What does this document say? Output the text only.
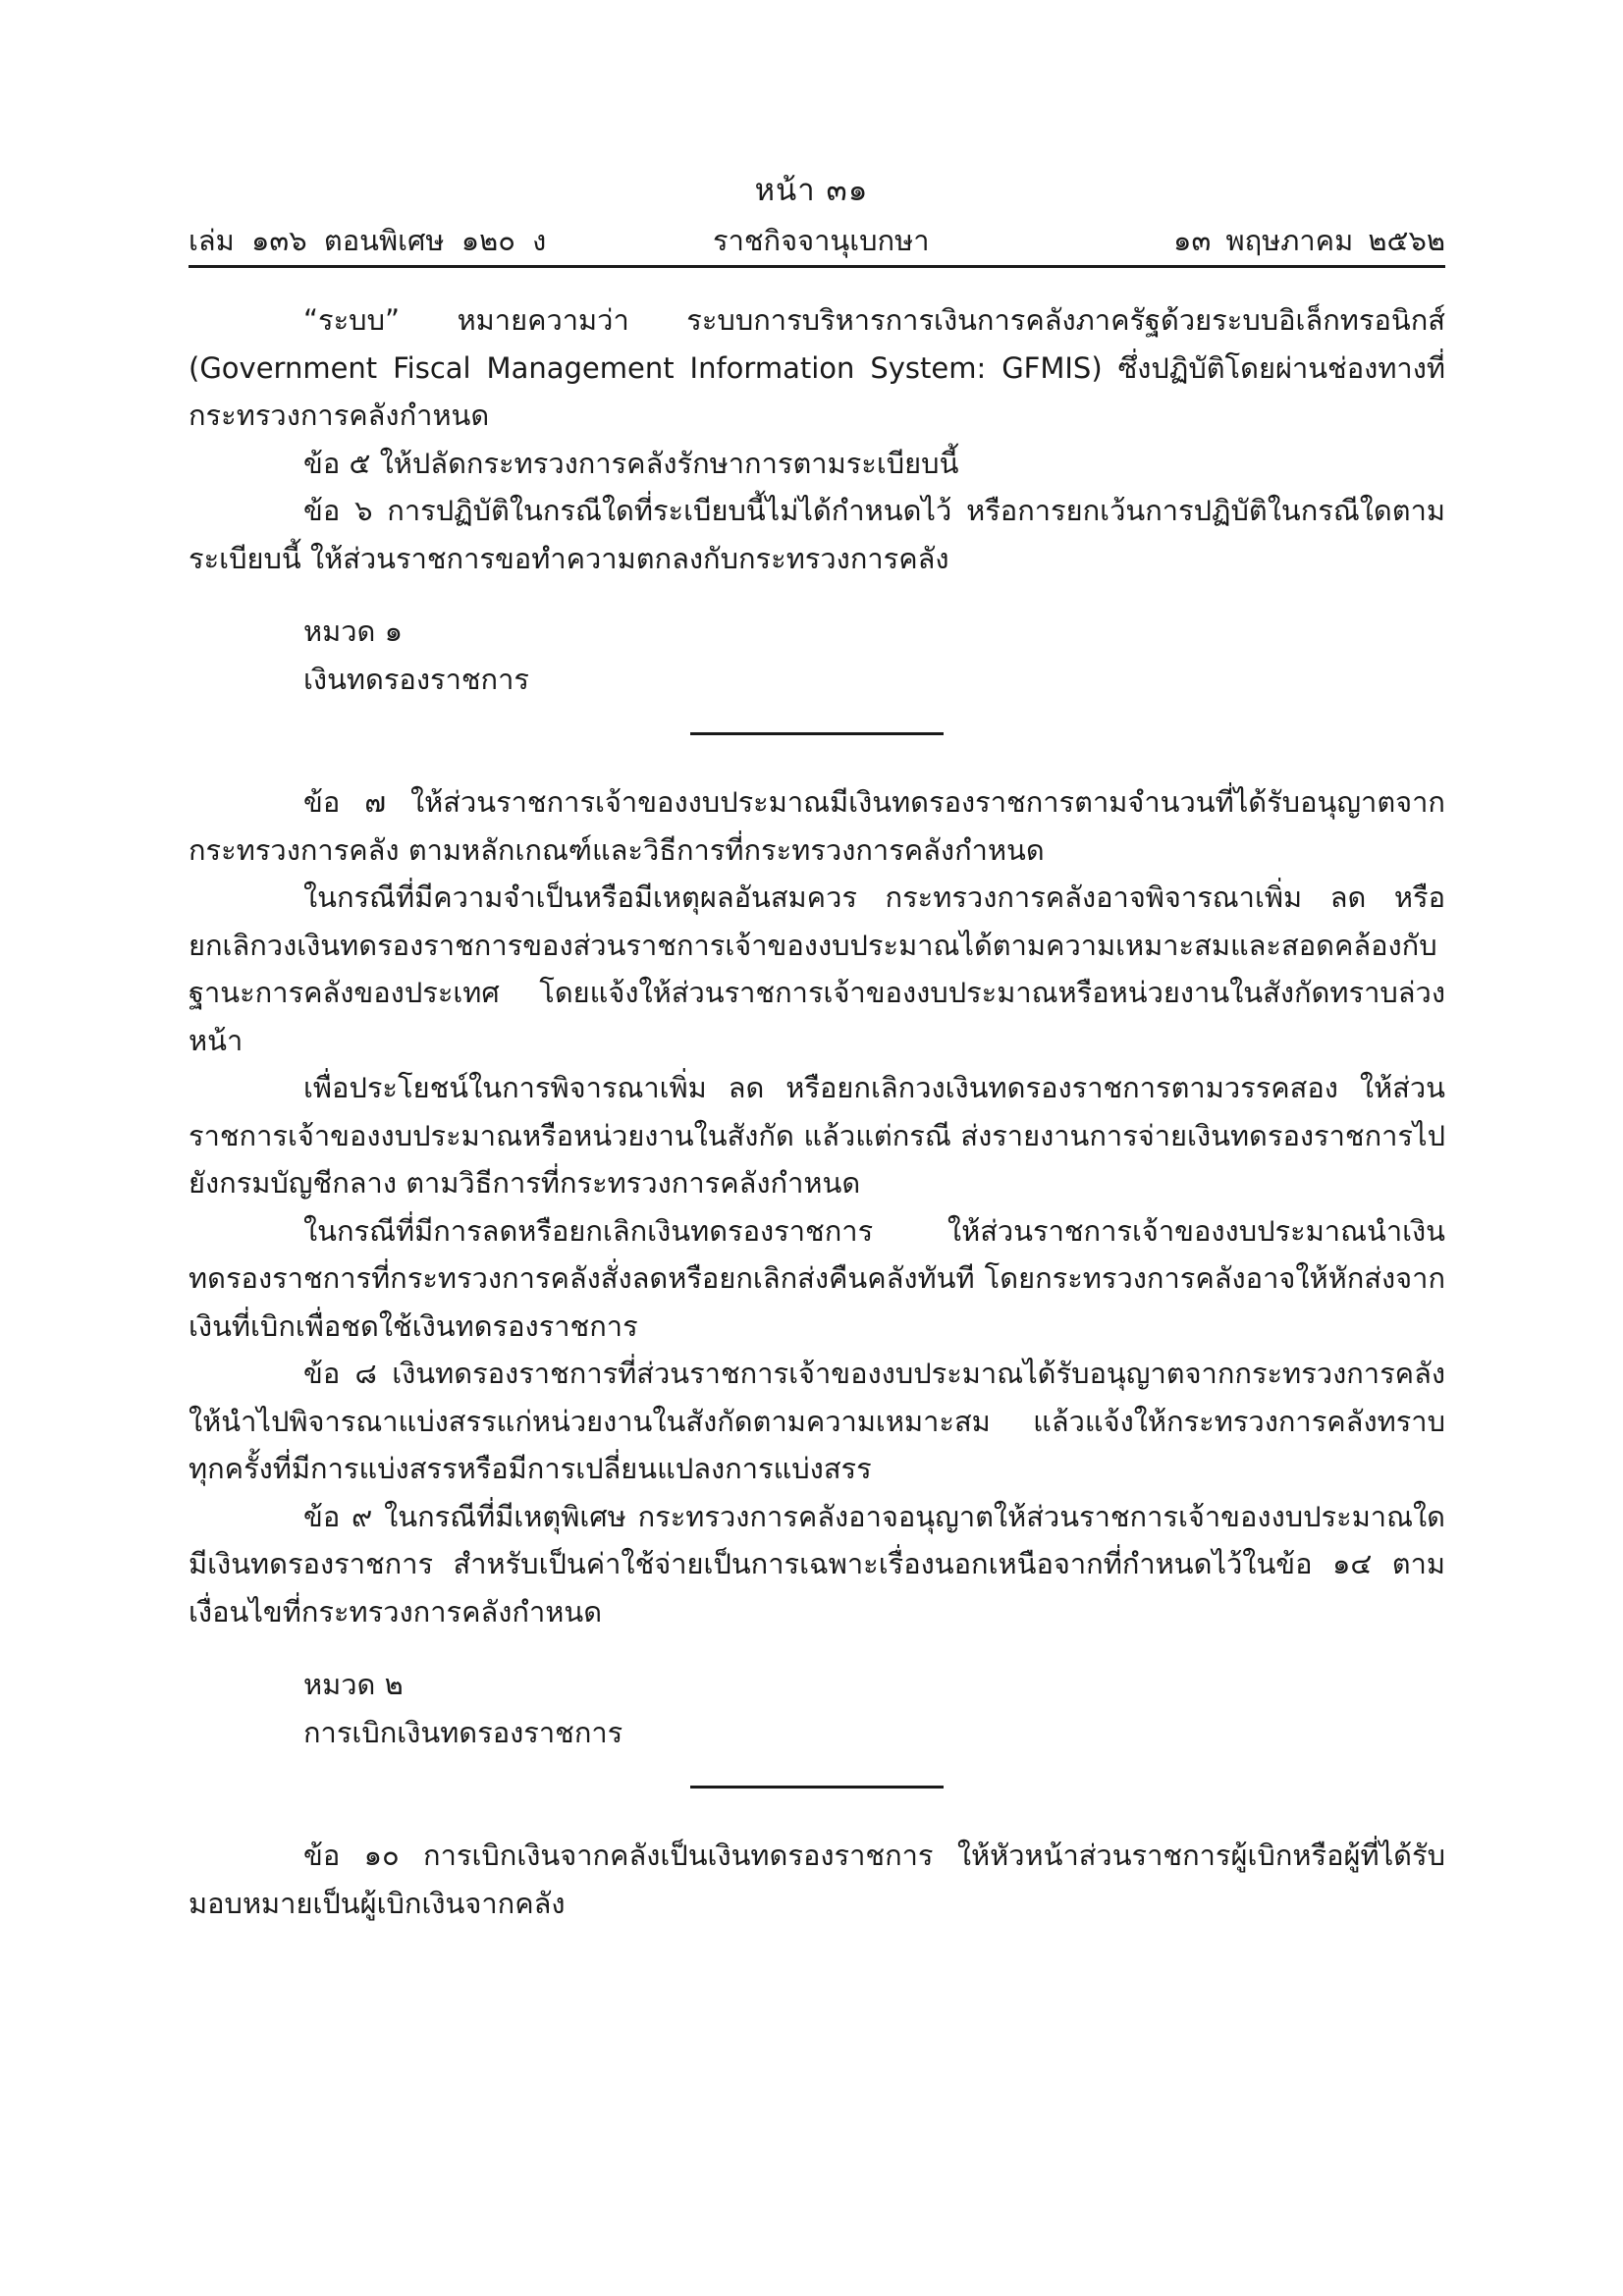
หน้า ๓๑
เล่ม ๑๓๖ ตอนพิเศษ ๑๒๐ ง	ราชกิจจานุเบกษา	๑๓ พฤษภาคม ๒๕๖๒

“ระบบ” หมายความว่า ระบบการบริหารการเงินการคลังภาครัฐด้วยระบบอิเล็กทรอนิกส์ (Government Fiscal Management Information System: GFMIS) ซึ่งปฏิบัติโดยผ่านช่องทางที่กระทรวงการคลังกำหนด

ข้อ ๕ ให้ปลัดกระทรวงการคลังรักษาการตามระเบียบนี้

ข้อ ๖ การปฏิบัติในกรณีใดที่ระเบียบนี้ไม่ได้กำหนดไว้ หรือการยกเว้นการปฏิบัติในกรณีใดตามระเบียบนี้ ให้ส่วนราชการขอทำความตกลงกับกระทรวงการคลัง

หมวด ๑

เงินทดรองราชการ

ข้อ ๗ ให้ส่วนราชการเจ้าของงบประมาณมีเงินทดรองราชการตามจำนวนที่ได้รับอนุญาตจากกระทรวงการคลัง ตามหลักเกณฑ์และวิธีการที่กระทรวงการคลังกำหนด

ในกรณีที่มีความจำเป็นหรือมีเหตุผลอันสมควร กระทรวงการคลังอาจพิจารณาเพิ่ม ลด หรือยกเลิกวงเงินทดรองราชการของส่วนราชการเจ้าของงบประมาณได้ตามความเหมาะสมและสอดคล้องกับฐานะการคลังของประเทศ โดยแจ้งให้ส่วนราชการเจ้าของงบประมาณหรือหน่วยงานในสังกัดทราบล่วงหน้า

เพื่อประโยชน์ในการพิจารณาเพิ่ม ลด หรือยกเลิกวงเงินทดรองราชการตามวรรคสอง ให้ส่วนราชการเจ้าของงบประมาณหรือหน่วยงานในสังกัด แล้วแต่กรณี ส่งรายงานการจ่ายเงินทดรองราชการไปยังกรมบัญชีกลาง ตามวิธีการที่กระทรวงการคลังกำหนด

ในกรณีที่มีการลดหรือยกเลิกเงินทดรองราชการ ให้ส่วนราชการเจ้าของงบประมาณนำเงินทดรองราชการที่กระทรวงการคลังสั่งลดหรือยกเลิกส่งคืนคลังทันที โดยกระทรวงการคลังอาจให้หักส่งจากเงินที่เบิกเพื่อชดใช้เงินทดรองราชการ

ข้อ ๘ เงินทดรองราชการที่ส่วนราชการเจ้าของงบประมาณได้รับอนุญาตจากกระทรวงการคลังให้นำไปพิจารณาแบ่งสรรแก่หน่วยงานในสังกัดตามความเหมาะสม แล้วแจ้งให้กระทรวงการคลังทราบทุกครั้งที่มีการแบ่งสรรหรือมีการเปลี่ยนแปลงการแบ่งสรร

ข้อ ๙ ในกรณีที่มีเหตุพิเศษ กระทรวงการคลังอาจอนุญาตให้ส่วนราชการเจ้าของงบประมาณใดมีเงินทดรองราชการ สำหรับเป็นค่าใช้จ่ายเป็นการเฉพาะเรื่องนอกเหนือจากที่กำหนดไว้ในข้อ ๑๔ ตามเงื่อนไขที่กระทรวงการคลังกำหนด

หมวด ๒

การเบิกเงินทดรองราชการ

ข้อ ๑๐ การเบิกเงินจากคลังเป็นเงินทดรองราชการ ให้หัวหน้าส่วนราชการผู้เบิกหรือผู้ที่ได้รับมอบหมายเป็นผู้เบิกเงินจากคลัง
